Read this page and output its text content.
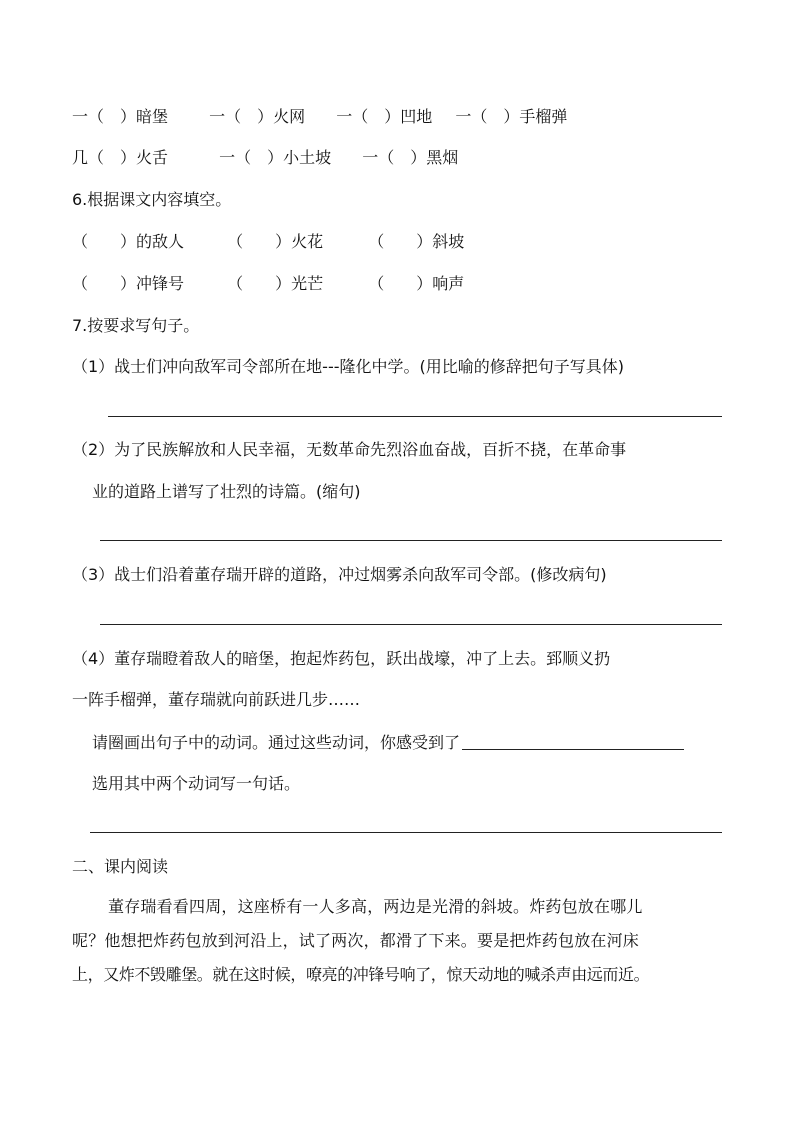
一（　）暗堡	一（　）火网 一（　）凹地 一（　）手榴弹
几（　）火舌	一（　）小土坡 一（　）黑烟
6.根据课文内容填空。
（　　）的敌人	（　　）火花	（　　）斜坡
（　　）冲锋号	（　　）光芒	（　　）响声
7.按要求写句子。
（1）战士们冲向敌军司令部所在地---隆化中学。(用比喻的修辞把句子写具体)
（2）为了民族解放和人民幸福，无数革命先烈浴血奋战，百折不挠，在革命事
业的道路上谱写了壮烈的诗篇。(缩句)
（3）战士们沿着董存瑞开辟的道路，冲过烟雾杀向敌军司令部。(修改病句)
（4）董存瑞瞪着敌人的暗堡，抱起炸药包，跃出战壕，冲了上去。郅顺义扔
一阵手榴弹，董存瑞就向前跃进几步……
请圈画出句子中的动词。通过这些动词，你感受到了
选用其中两个动词写一句话。
二、课内阅读
董存瑞看看四周，这座桥有一人多高，两边是光滑的斜坡。炸药包放在哪儿
呢？他想把炸药包放到河沿上，试了两次，都滑了下来。要是把炸药包放在河床
上，又炸不毁雕堡。就在这时候，嘹亮的冲锋号响了，惊天动地的喊杀声由远而近。
